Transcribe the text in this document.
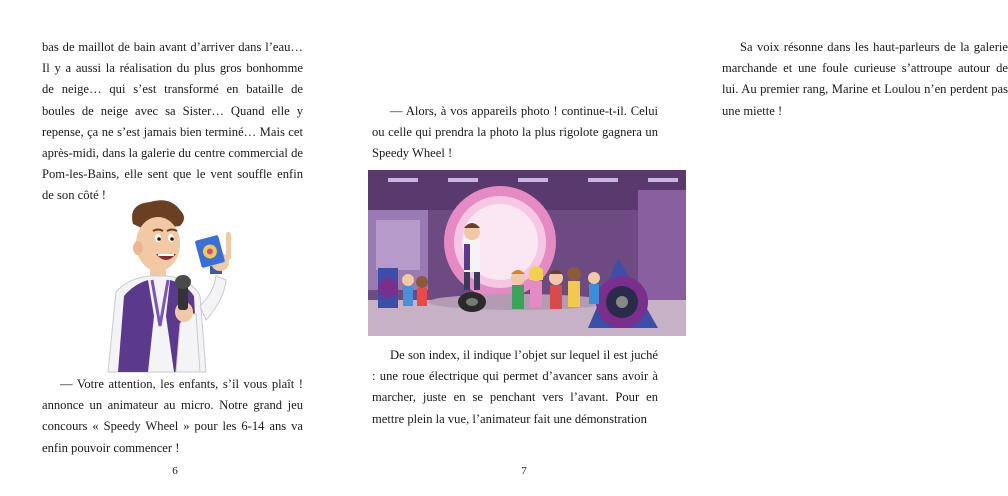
bas de maillot de bain avant d’arriver dans l’eau… Il y a aussi la réalisation du plus gros bonhomme de neige… qui s’est transformé en bataille de boules de neige avec sa Sister… Quand elle y repense, ça ne s’est jamais bien terminé… Mais cet après-midi, dans la galerie du centre commercial de Pom-les-Bains, elle sent que le vent souffle enfin de son côté !

— Votre attention, les enfants, s’il vous plaît ! annonce un animateur au micro. Notre grand jeu concours « Speedy Wheel » pour les 6-14 ans va enfin pouvoir commencer !

6

Sa voix résonne dans les haut-parleurs de la galerie marchande et une foule curieuse s’attroupe autour de lui. Au premier rang, Marine et Loulou n’en perdent pas une miette !

— Alors, à vos appareils photo ! continue-t-il. Celui ou celle qui prendra la photo la plus rigolote gagnera un Speedy Wheel !

De son index, il indique l’objet sur lequel il est juché : une roue électrique qui permet d’avancer sans avoir à marcher, juste en se penchant vers l’avant. Pour en mettre plein la vue, l’animateur fait une démonstration

7
